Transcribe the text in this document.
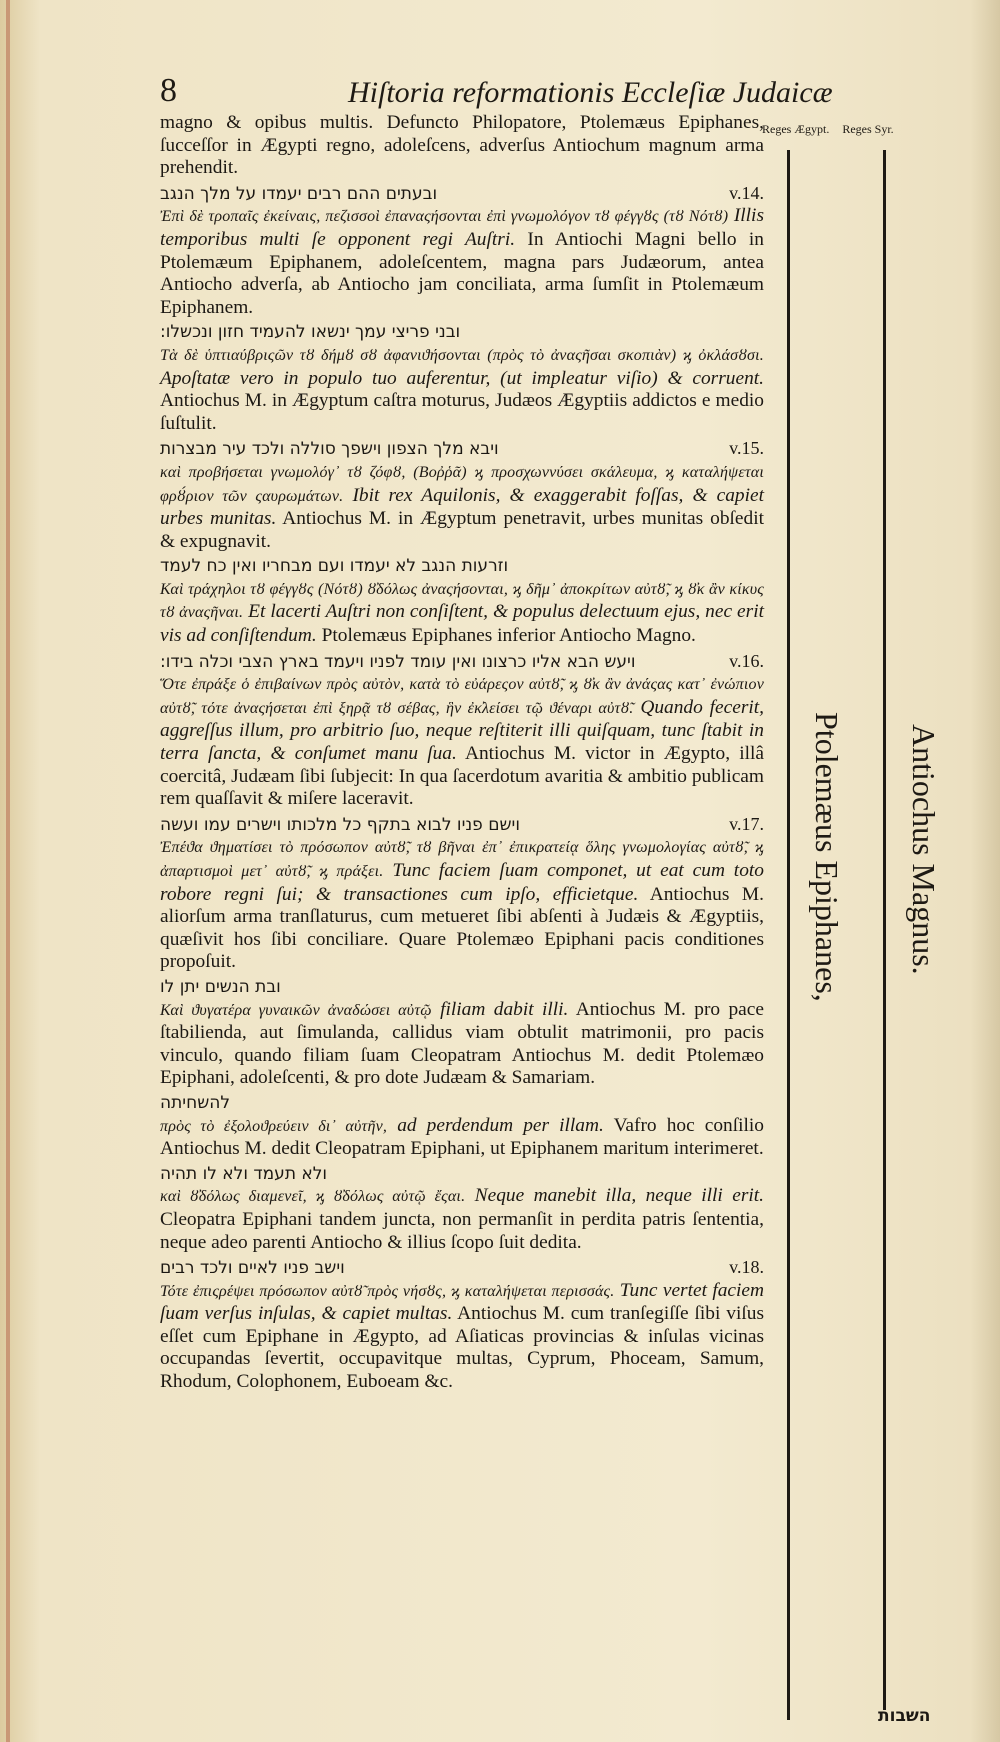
8	Hiſtoria reformationis Eccleſiæ Judaicæ
Reges Ægypt. Reges Syr.
Ptolemæus Epiphanes, Antiochus Magnus.

magno & opibus multis. Defuncto Philopatore, Ptolemæus Epiphanes, ſucceſſor in Ægypti regno, adoleſcens, adverſus Antiochum magnum arma prehendit.

ובעתים ההם רבים יעמדו על מלך הנגב	v.14.

Ἐπὶ δὲ τροπαῖς ἐκείναις, πεζισσοὶ ἐπαναςήσονται ἐπὶ γνωμολόγον τȣ φέγγȣς (τȣ Νότȣ) Illis temporibus multi ſe opponent regi Auſtri. In Antiochi Magni bello in Ptolemæum Epiphanem, adoleſcentem, magna pars Judæorum, antea Antiocho adverſa, ab Antiocho jam conciliata, arma ſumſit in Ptolemæum Epiphanem.

ובני פריצי עמך ינשאו להעמיד חזון ונכשלו:

Τὰ δὲ ὑπτιαύβριςῶν τȣ δήμȣ σȣ ἀφανιϑήσονται (πρὸς τὸ ἀναςῆσαι σκοπιὰν) ϗ ὀκλάσȣσι. Apoſtatæ vero in populo tuo auferentur, (ut impleatur viſio) & corruent. Antiochus M. in Ægyptum caſtra moturus, Judæos Ægyptiis addictos e medio ſuſtulit.

ויבא מלך הצפון וישפך סוללה ולכד עיר מבצרות	v.15.

καὶ προβήσεται γνωμολόγ᾽ τȣ ζόφȣ, (Βοῤῥᾶ) ϗ προσχωννύσει σκάλευμα, ϗ καταλήψεται φρȣ́ριον τῶν ςαυρωμάτων. Ibit rex Aquilonis, & exaggerabit foſſas, & capiet urbes munitas. Antiochus M. in Ægyptum penetravit, urbes munitas obſedit & expugnavit.

וזרעות הנגב לא יעמדו ועם מבחריו ואין כח לעמד

Καὶ τράχηλοι τȣ φέγγȣς (Νότȣ) ȣ̓δόλως ἀναςήσονται, ϗ δῆμ᾽ ἀποκρίτων αὐτȣ̃, ϗ ȣ̓κ ἂν κίκυς τȣ ἀναςῆναι. Et lacerti Auſtri non conſiſtent, & populus delectuum ejus, nec erit vis ad conſiſtendum. Ptolemæus Epiphanes inferior Antiocho Magno.

ויעש הבא אליו כרצונו ואין עומד לפניו ויעמד בארץ הצבי וכלה בידו:	v.16.

Ὅτε ἐπράξε ὁ ἐπιβαίνων πρὸς αὐτὸν, κατὰ τὸ εὐάρεςον αὐτȣ̃, ϗ ȣ̓κ ἂν ἀνάςας κατ᾽ ἐνώπιον αὐτȣ̃, τότε ἀναςήσεται ἐπὶ ξηρᾷ τȣ σέβας, ἣν ἐκ̓λείσει τῷ ϑέναρι αὐτȣ̃. Quando fecerit, aggreſſus illum, pro arbitrio ſuo, neque reſtiterit illi quiſquam, tunc ſtabit in terra ſancta, & conſumet manu ſua. Antiochus M. victor in Ægypto, illâ coercitâ, Judæam ſibi ſubjecit: In qua ſacerdotum avaritia & ambitio publicam rem quaſſavit & miſere laceravit.

וישם פניו לבוא בתקף כל מלכותו וישרים עמו ועשה	v.17.

Ἐπέϑα ϑηματίσει τὸ πρόσωπον αὐτȣ̃, τȣ βῆναι ἐπ᾽ ἐπικρατείᾳ ὅλης γνωμολογίας αὐτȣ̃, ϗ ἀπαρτισμοὶ μετ᾽ αὐτȣ̃, ϗ πράξει. Tunc faciem ſuam componet, ut eat cum toto robore regni ſui; & transactiones cum ipſo, efficietque. Antiochus M. alіorſum arma tranſlaturus, cum metueret ſibi abſenti à Judæis & Ægyptiis, quæſivit hos ſibi conciliare. Quare Ptolemæo Epiphani pacis conditiones propoſuit.

ובת הנשים יתן לו

Καὶ ϑυγατέρα γυναικῶν ἀναδώσει αὐτῷ filiam dabit illi. Antiochus M. pro pace ſtabilienda, aut ſimulanda, callidus viam obtulit matrimonii, pro pacis vinculo, quando filiam ſuam Cleopatram Antiochus M. dedit Ptolemæo Epiphani, adoleſcenti, & pro dote Judæam & Samariam.

להשחיתה

πρὸς τὸ ἐξολοϑρεύειν δι᾽ αὐτῆν, ad perdendum per illam. Vafro hoc conſilio Antiochus M. dedit Cleopatram Epiphani, ut Epiphanem maritum interimeret.

ולא תעמד ולא לו תהיה

καὶ ȣ̓δόλως διαμενεῖ, ϗ ȣ̓δόλως αὐτῷ ἔςαι. Neque manebit illa, neque illi erit. Cleopatra Epiphani tandem juncta, non permanſit in perdita patris ſententia, neque adeo parenti Antiocho & illius ſcopo ſuit dedita.

וישב פניו לאיים ולכד רבים	v.18.

Τότε ἐπιςρέψει πρόσωπον αὐτȣ̃ πρὸς νήσȣς, ϗ καταλήψεται περισσάς. Tunc vertet faciem ſuam verſus inſulas, & capiet multas. Antiochus M. cum tranſegiſſe ſibi viſus eſſet cum Epiphane in Ægypto, ad Aſiaticas provincias & inſulas vicinas occupandas ſevertit, occupavitque multas, Cyprum, Phoceam, Samum, Rhodum, Colophonem, Euboeam &c.

השבות
